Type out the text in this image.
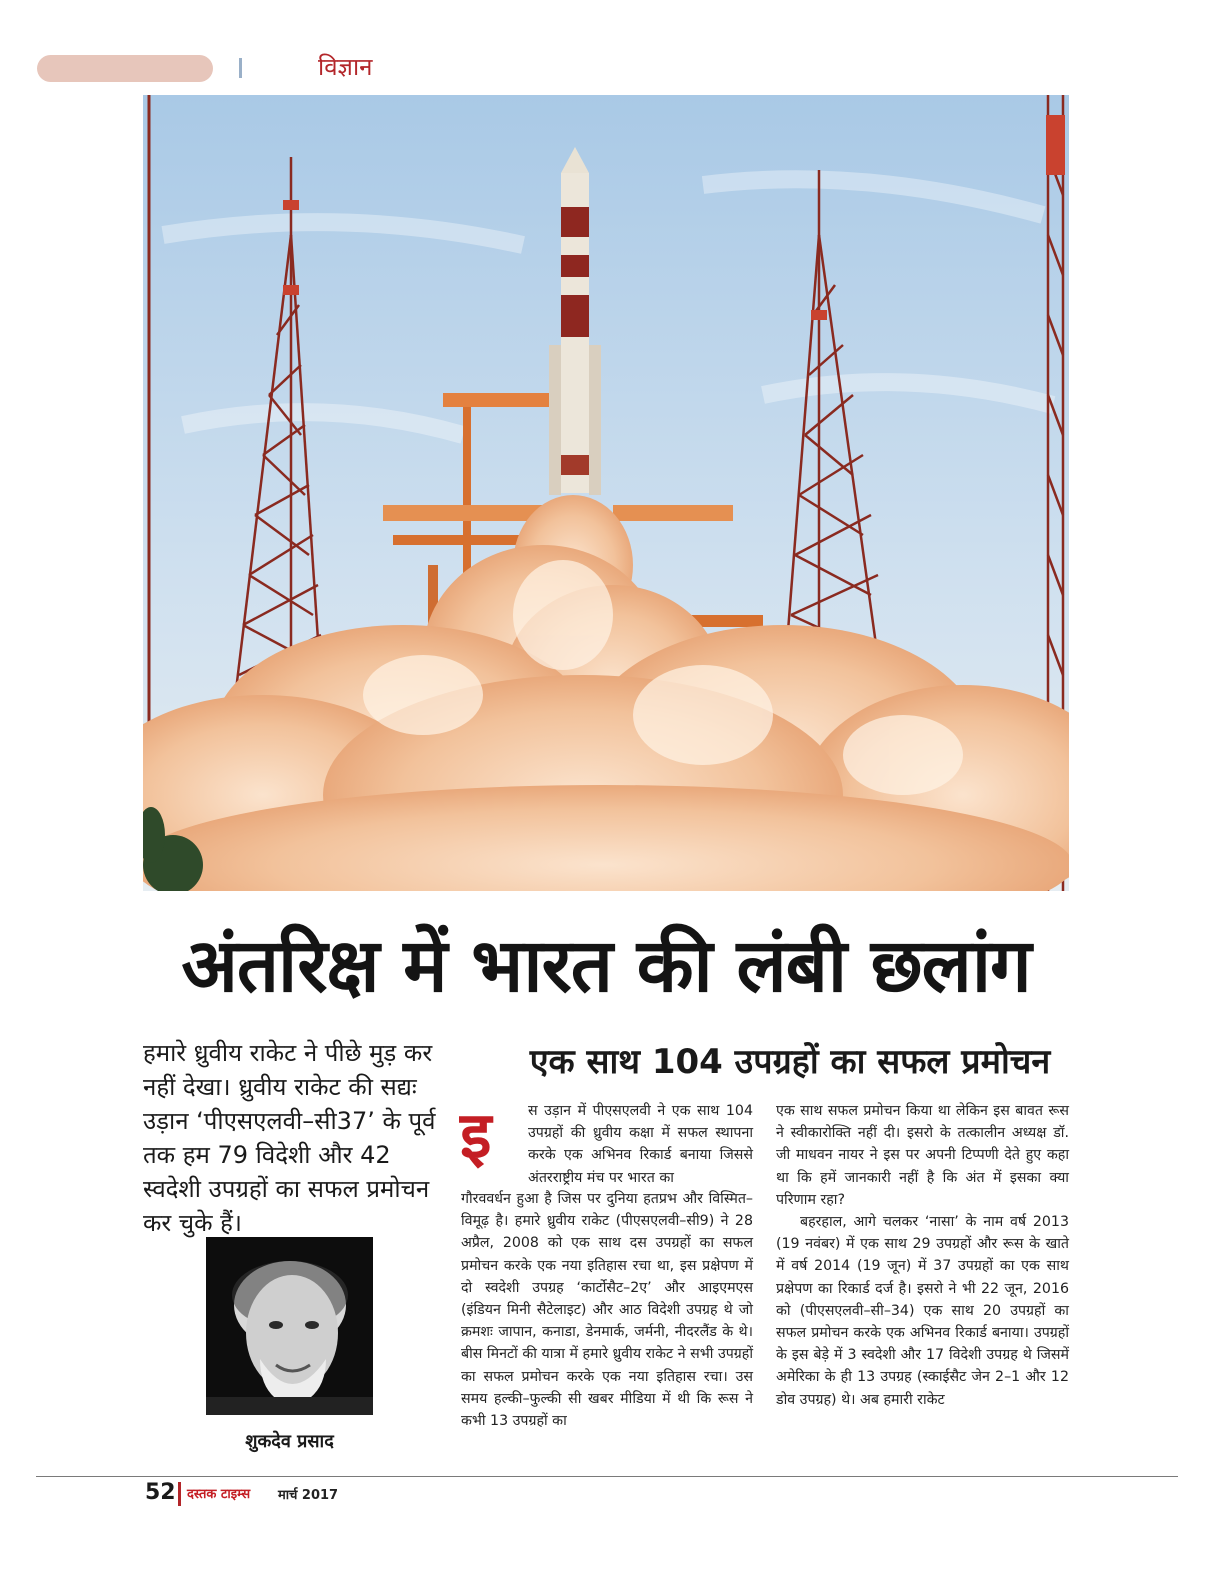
विज्ञान
अंतरिक्ष में भारत की लंबी छलांग
हमारे ध्रुवीय राकेट ने पीछे मुड़ कर नहीं देखा। ध्रुवीय राकेट की सद्यः उड़ान ‘पीएसएलवी–सी37’ के पूर्व तक हम 79 विदेशी और 42 स्वदेशी उपग्रहों का सफल प्रमोचन कर चुके हैं।
शुकदेव प्रसाद
एक साथ 104 उपग्रहों का सफल प्रमोचन
इ	स उड़ान में पीएसएलवी ने एक साथ 104 उपग्रहों की ध्रुवीय कक्षा में सफल स्थापना करके एक अभिनव रिकार्ड बनाया जिससे अंतरराष्ट्रीय मंच पर भारत का

गौरववर्धन हुआ है जिस पर दुनिया हतप्रभ और विस्मित–विमूढ़ है। हमारे ध्रुवीय राकेट (पीएसएलवी–सी9) ने 28 अप्रैल, 2008 को एक साथ दस उपग्रहों का सफल प्रमोचन करके एक नया इतिहास रचा था, इस प्रक्षेपण में दो स्वदेशी उपग्रह ‘कार्टोसैट–2ए’ और आइएमएस (इंडियन मिनी सैटेलाइट) और आठ विदेशी उपग्रह थे जो क्रमशः जापान, कनाडा, डेनमार्क, जर्मनी, नीदरलैंड के थे। बीस मिनटों की यात्रा में हमारे ध्रुवीय राकेट ने सभी उपग्रहों का सफल प्रमोचन करके एक नया इतिहास रचा। उस समय हल्की–फुल्की सी खबर मीडिया में थी कि रूस ने कभी 13 उपग्रहों का

एक साथ सफल प्रमोचन किया था लेकिन इस बावत रूस ने स्वीकारोक्ति नहीं दी। इसरो के तत्कालीन अध्यक्ष डॉ. जी माधवन नायर ने इस पर अपनी टिप्पणी देते हुए कहा था कि हमें जानकारी नहीं है कि अंत में इसका क्या परिणाम रहा?

बहरहाल, आगे चलकर ‘नासा’ के नाम वर्ष 2013 (19 नवंबर) में एक साथ 29 उपग्रहों और रूस के खाते में वर्ष 2014 (19 जून) में 37 उपग्रहों का एक साथ प्रक्षेपण का रिकार्ड दर्ज है। इसरो ने भी 22 जून, 2016 को (पीएसएलवी–सी–34) एक साथ 20 उपग्रहों का सफल प्रमोचन करके एक अभिनव रिकार्ड बनाया। उपग्रहों के इस बेड़े में 3 स्वदेशी और 17 विदेशी उपग्रह थे जिसमें अमेरिका के ही 13 उपग्रह (स्काईसैट जेन 2–1 और 12 डोव उपग्रह) थे। अब हमारी राकेट

52 दस्तक टाइम्स मार्च 2017
